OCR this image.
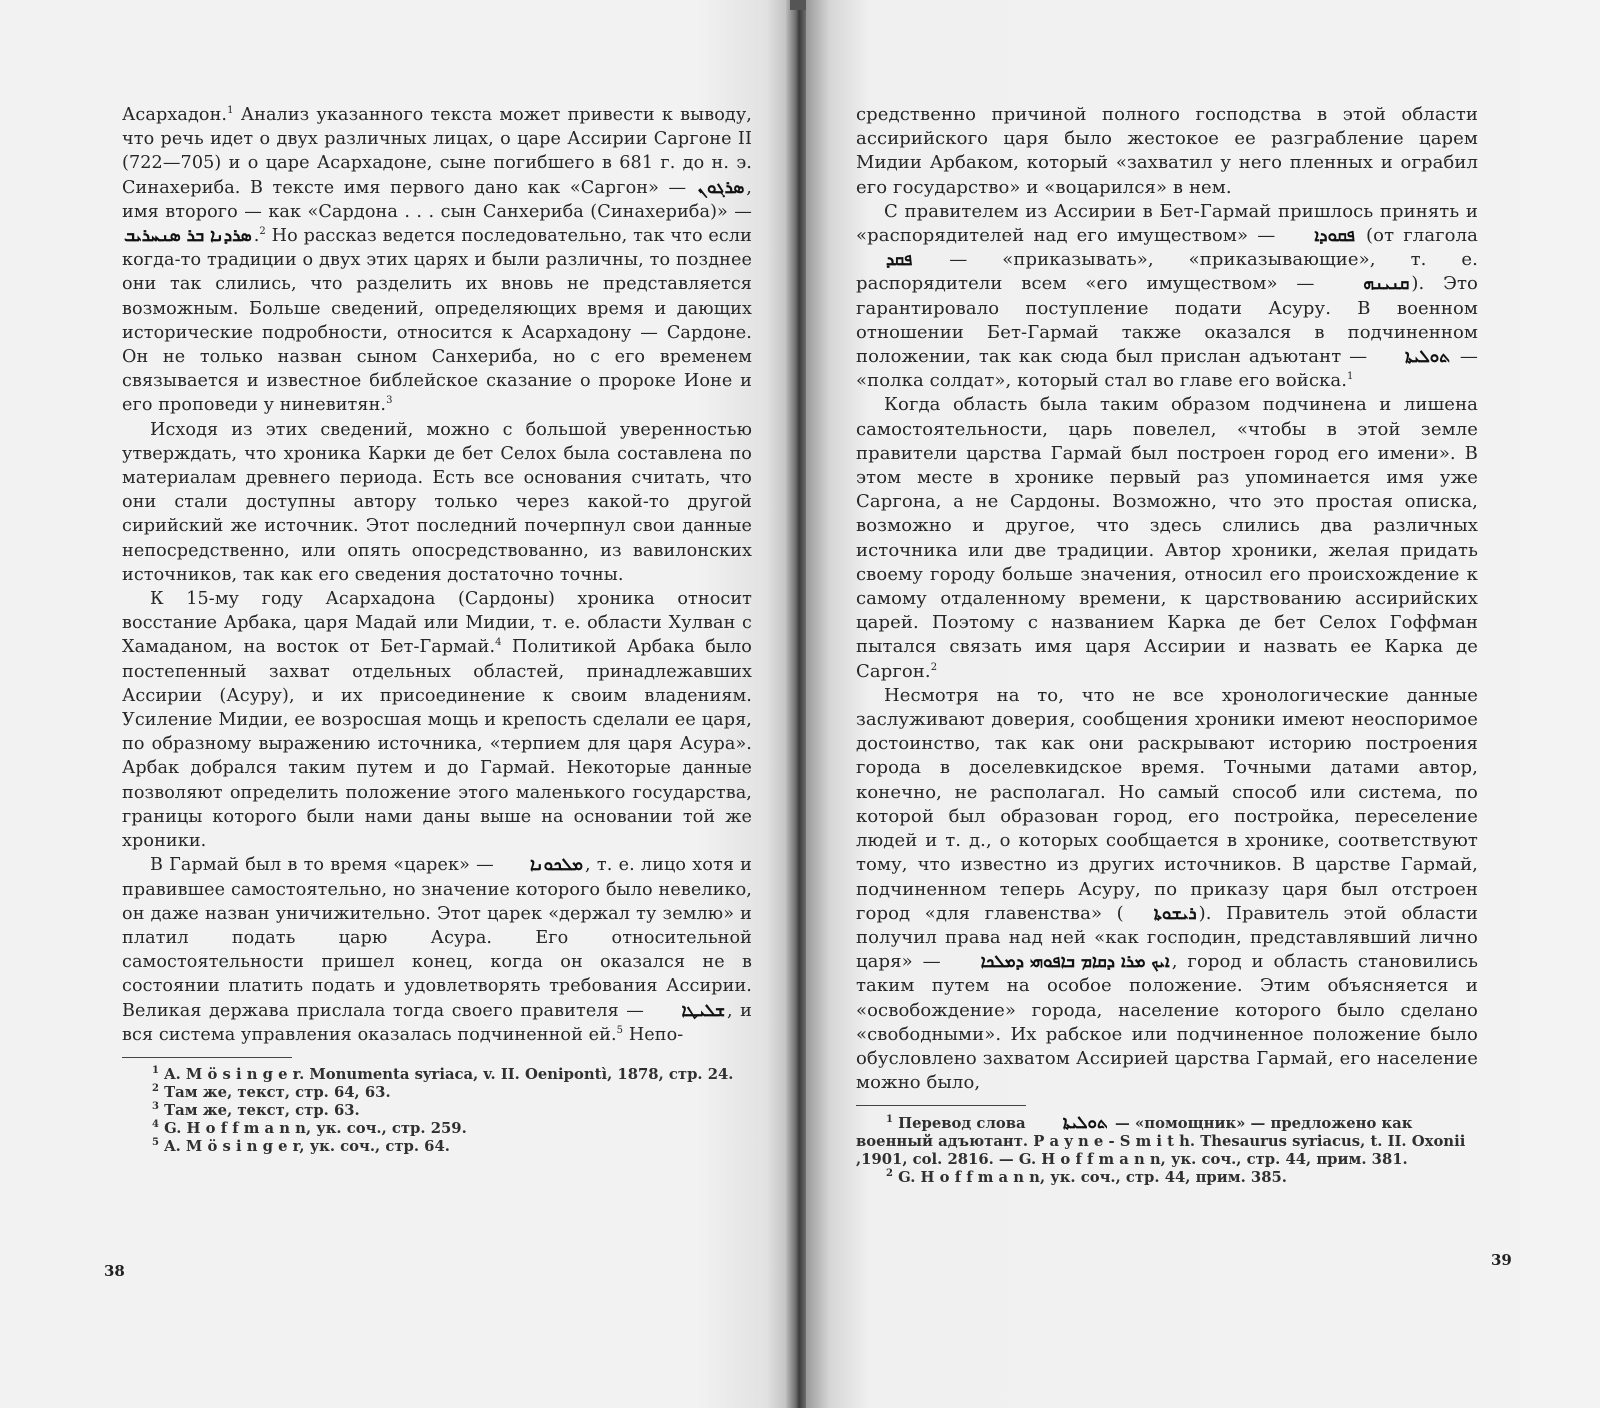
Асархадон.$^1$ Анализ указанного текста может привести к выводу, что речь идет о двух различных лицах, о царе Ассирии Саргоне II (722—705) и о царе Асархадоне, сыне погибшего в 681 г. до н. э. Синахериба. В тексте имя первого дано как «Саргон» — ܣܪܓܘܢ , имя второго — как «Сардона . . . сын Санхериба (Синахериба)» — ܣܪܕܢܐ ܒܪ ܣܢܚܪܝܒ .$^2$ Но рассказ ведется последовательно, так что если когда-то традиции о двух этих царях и были различны, то позднее они так слились, что разделить их вновь не представляется возможным. Больше сведений, определяющих время и дающих исторические подробности, относится к Асархадону — Сардоне. Он не только назван сыном Санхериба, но с его временем связывается и известное библейское сказание о пророке Ионе и его проповеди у ниневитян.$^3$

Исходя из этих сведений, можно с большой уверенностью утверждать, что хроника Карки де бет Селох была составлена по материалам древнего периода. Есть все основания считать, что они стали доступны автору только через какой-то другой сирийский же источник. Этот последний почерпнул свои данные непосредственно, или опять опосредствованно, из вавилонских источников, так как его сведения достаточно точны.

К 15-му году Асархадона (Сардоны) хроника относит восстание Арбака, царя Мадай или Мидии, т. е. области Хулван с Хамаданом, на восток от Бет-Гармай.$^4$ Политикой Арбака было постепенный захват отдельных областей, принадлежавших Ассирии (Асуру), и их присоединение к своим владениям. Усиление Мидии, ее возросшая мощь и крепость сделали ее царя, по образному выражению источника, «терпием для царя Асура». Арбак добрался таким путем и до Гармай. Некоторые данные позволяют определить положение этого маленького государства, границы которого были нами даны выше на основании той же хроники.

В Гармай был в то время «царек» — ܡܠܟܘܢܐ , т. е. лицо хотя и правившее самостоятельно, но значение которого было невелико, он даже назван уничижительно. Этот царек «держал ту землю» и платил подать царю Асура. Его относительной самостоятельности пришел конец, когда он оказался не в состоянии платить подать и удовлетворять требования Ассирии. Великая держава прислала тогда своего правителя — ܫܠܝܛܐ , и вся система управления оказалась подчиненной ей.$^5$ Непо-

$^1$ A. M ö s i n g e r. Monumenta syriaca, v. II. Oenipontì, 1878, стр. 24.

$^2$ Там же, текст, стр. 64, 63.

$^3$ Там же, текст, стр. 63.

$^4$ G. H o f f m a n n, ук. соч., стр. 259.

$^5$ A. M ö s i n g e r, ук. соч., стр. 64.

38

средственно причиной полного господства в этой области ассирийского царя было жестокое ее разграбление царем Мидии Арбаком, который «захватил у него пленных и ограбил его государство» и «воцарился» в нем.

С правителем из Ассирии в Бет-Гармай пришлось принять и «распорядителей над его имуществом» — ܦܩܘܕܐ (от глагола ܦܩܕ — «приказывать», «приказывающие», т. е. распорядители всем «его имуществом» — ܩܢܝܢܗ ). Это гарантировало поступление подати Асуру. В военном отношении Бет-Гармай также оказался в подчиненном положении, так как сюда был прислан адъютант — ܬܘܠܝܬܐ — «полка солдат», который стал во главе его войска.$^1$

Когда область была таким образом подчинена и лишена самостоятельности, царь повелел, «чтобы в этой земле правители царства Гармай был построен город его имени». В этом месте в хронике первый раз упоминается имя уже Саргона, а не Сардоны. Возможно, что это простая описка, возможно и другое, что здесь слились два различных источника или две традиции. Автор хроники, желая придать своему городу больше значения, относил его происхождение к самому отдаленному времени, к царствованию ассирийских царей. Поэтому с названием Карка де бет Селох Гоффман пытался связать имя царя Ассирии и назвать ее Карка де Саргон.$^2$

Несмотря на то, что не все хронологические данные заслуживают доверия, сообщения хроники имеют неоспоримое достоинство, так как они раскрывают историю построения города в доселевкидское время. Точными датами автор, конечно, не располагал. Но самый способ или система, по которой был образован город, его постройка, переселение людей и т. д., о которых сообщается в хронике, соответствуют тому, что известно из других источников. В царстве Гармай, подчиненном теперь Асуру, по приказу царя был отстроен город «для главенства» ( ܪܝܫܘܬܐ ). Правитель этой области получил права над ней «как господин, представлявший лично царя» — ܐܝܟ ܡܪܐ ܕܩܐܡ ܒܐܦܘܗܝ ܕܡܠܟܐ , город и область становились таким путем на особое положение. Этим объясняется и «освобождение» города, население которого было сделано «свободными». Их рабское или подчиненное положение было обусловлено захватом Ассирией царства Гармай, его население можно было,

$^1$ Перевод слова ܬܘܠܝܬܐ — «помощник» — предложено как военный адъютант. P a y n e - S m i t h. Thesaurus syriacus, t. II. Oxonii ,1901, col. 2816. — G. H o f f m a n n, ук. соч., стр. 44, прим. 381.

$^2$ G. H o f f m a n n, ук. соч., стр. 44, прим. 385.

39
